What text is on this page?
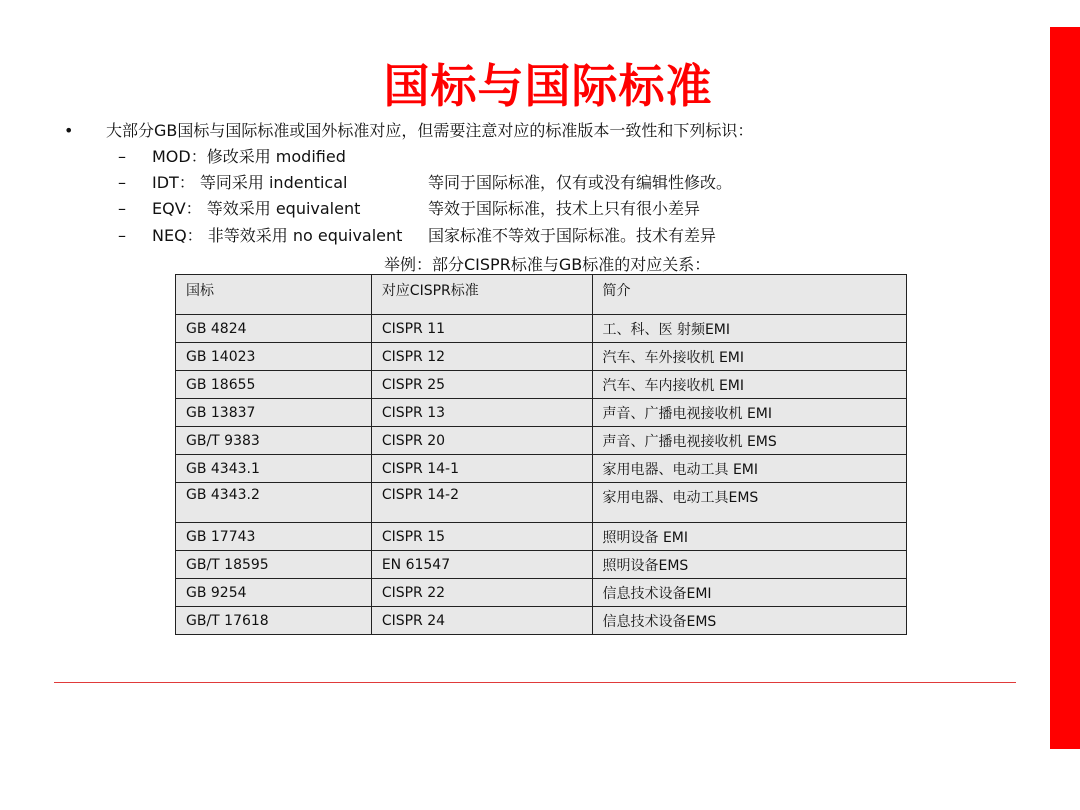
国标与国际标准
• 大部分GB国标与国际标准或国外标准对应，但需要注意对应的标准版本一致性和下列标识：
– MOD：修改采用 modified
– IDT： 等同采用 indentical	等同于国际标准，仅有或没有编辑性修改。
– EQV： 等效采用 equivalent	等效于国际标准，技术上只有很小差异
– NEQ： 非等效采用 no equivalent 国家标准不等效于国际标准。技术有差异
举例：部分CISPR标准与GB标准的对应关系：
国标	对应CISPR标准	简介
GB 4824	CISPR 11	工、科、医 射频EMI
GB 14023	CISPR 12	汽车、车外接收机 EMI
GB 18655	CISPR 25	汽车、车内接收机 EMI
GB 13837	CISPR 13	声音、广播电视接收机 EMI
GB/T 9383	CISPR 20	声音、广播电视接收机 EMS
GB 4343.1	CISPR 14-1	家用电器、电动工具 EMI
GB 4343.2	CISPR 14-2	家用电器、电动工具EMS
GB 17743	CISPR 15	照明设备 EMI
GB/T 18595	EN 61547	照明设备EMS
GB 9254	CISPR 22	信息技术设备EMI
GB/T 17618	CISPR 24	信息技术设备EMS
